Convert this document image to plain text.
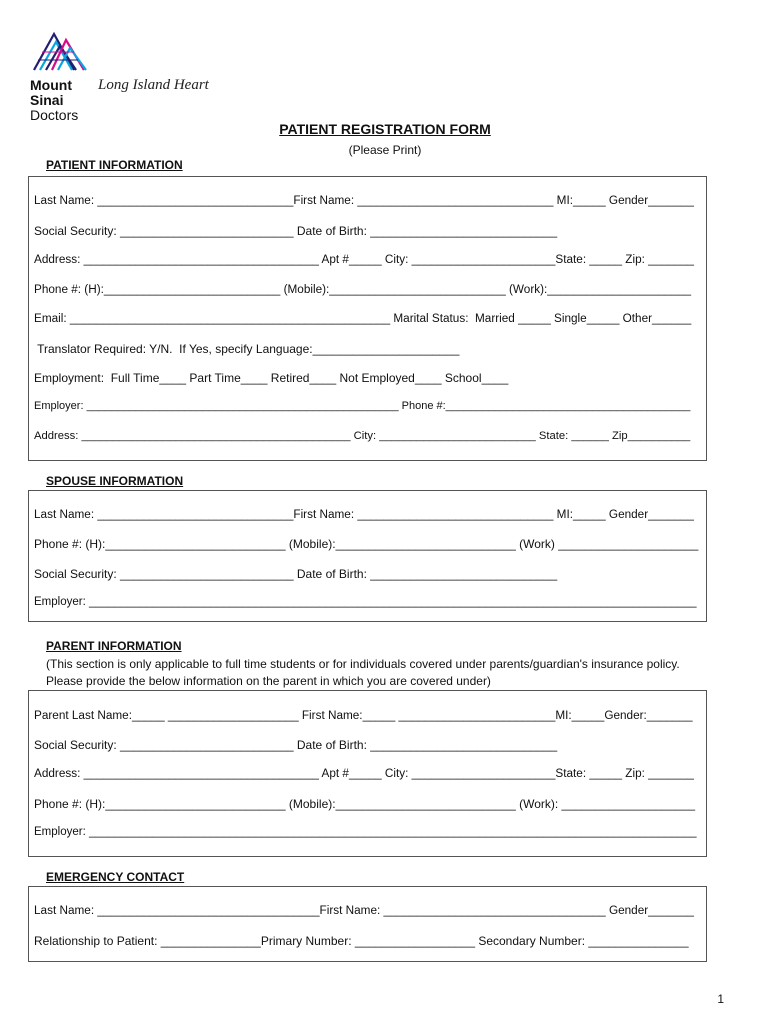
Mount
Sinai
Doctors
Long Island Heart
PATIENT REGISTRATION FORM
(Please Print)
PATIENT INFORMATION
Last Name: ______________________________First Name: ______________________________ MI:_____ Gender_______
Social Security: __________________________ Date of Birth: ____________________________
Address: ____________________________________ Apt #_____ City: ______________________State: _____ Zip: _______
Phone #: (H):___________________________ (Mobile):___________________________ (Work):______________________
Email: _________________________________________________ Marital Status:  Married _____ Single_____ Other______
Translator Required: Y/N.  If Yes, specify Language:______________________
Employment:  Full Time____ Part Time____ Retired____ Not Employed____ School____
Employer: ___________________________________________________ Phone #:________________________________________
Address: ___________________________________________ City: _________________________ State: ______ Zip__________
SPOUSE INFORMATION
Last Name: ______________________________First Name: ______________________________ MI:_____ Gender_______
Phone #: (H):___________________________ (Mobile):___________________________ (Work) _____________________
Social Security: __________________________ Date of Birth: ____________________________
Employer: _______________________________________________________________________________________________
PARENT INFORMATION
(This section is only applicable to full time students or for individuals covered under parents/guardian's insurance policy.
Please provide the below information on the parent in which you are covered under)
Parent Last Name:_____ ____________________ First Name:_____ ________________________MI:_____Gender:_______
Social Security: __________________________ Date of Birth: ____________________________
Address: ____________________________________ Apt #_____ City: ______________________State: _____ Zip: _______
Phone #: (H):___________________________ (Mobile):___________________________ (Work): ____________________
Employer: _______________________________________________________________________________________________
EMERGENCY CONTACT
Last Name: __________________________________First Name: __________________________________ Gender_______
Relationship to Patient: _______________Primary Number: __________________ Secondary Number: _______________
1
